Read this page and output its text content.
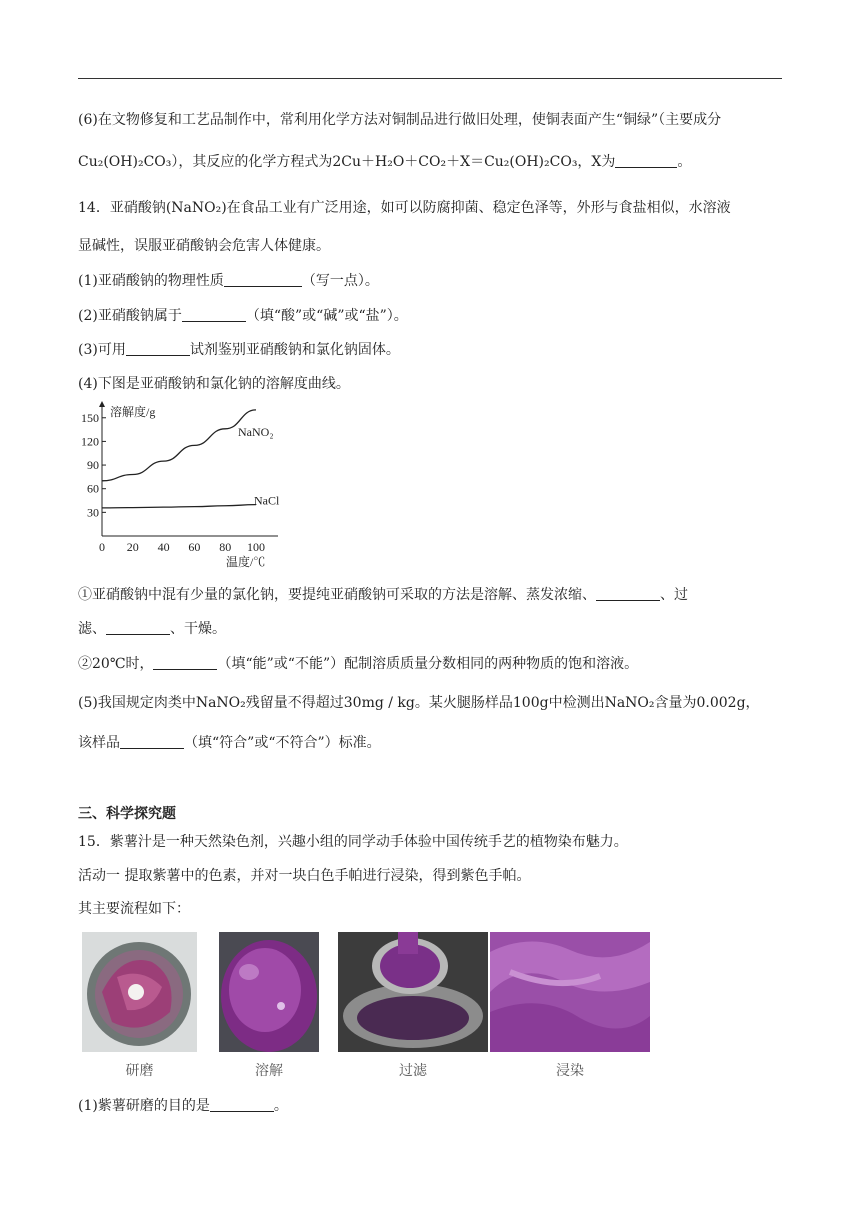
(6)在文物修复和工艺品制作中，常利用化学方法对铜制品进行做旧处理，使铜表面产生“铜绿”（主要成分
Cu₂(OH)₂CO₃），其反应的化学方程式为2Cu＋H₂O＋CO₂＋X＝Cu₂(OH)₂CO₃，X为	。
14．亚硝酸钠(NaNO₂)在食品工业有广泛用途，如可以防腐抑菌、稳定色泽等，外形与食盐相似，水溶液
显碱性，误服亚硝酸钠会危害人体健康。
(1)亚硝酸钠的物理性质	（写一点）。
(2)亚硝酸钠属于	（填“酸”或“碱”或“盐”）。
(3)可用	试剂鉴别亚硝酸钠和氯化钠固体。
(4)下图是亚硝酸钠和氯化钠的溶解度曲线。
溶解度/g
温度/℃
0 20 40 60 80 100
30
60
90
120
150
NaNO₂
NaCl
①亚硝酸钠中混有少量的氯化钠，要提纯亚硝酸钠可采取的方法是溶解、蒸发浓缩、	、过
滤、	、干燥。
②20℃时，	（填“能”或“不能”）配制溶质质量分数相同的两种物质的饱和溶液。
(5)我国规定肉类中NaNO₂残留量不得超过30mg / kg。某火腿肠样品100g中检测出NaNO₂含量为0.002g，
该样品	（填“符合”或“不符合”）标准。
三、科学探究题
15．紫薯汁是一种天然染色剂，兴趣小组的同学动手体验中国传统手艺的植物染布魅力。
活动一 提取紫薯中的色素，并对一块白色手帕进行浸染，得到紫色手帕。
其主要流程如下：
研磨	溶解	过滤	浸染
(1)紫薯研磨的目的是	。
